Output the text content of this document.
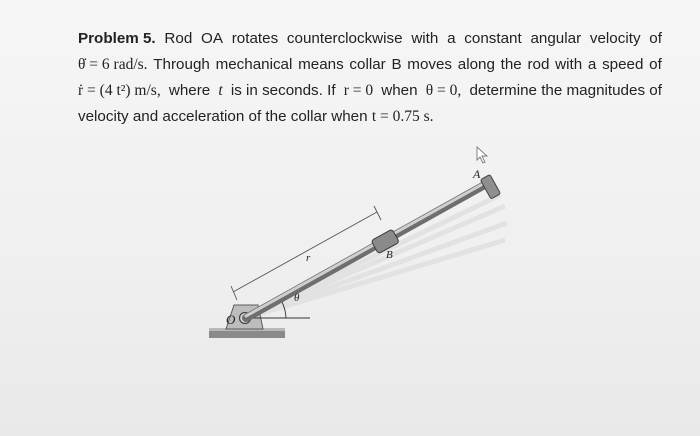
Problem 5. Rod OA rotates counterclockwise with a constant angular velocity of
θ̇ = 6 rad/s. Through mechanical means collar B moves along the rod with a speed of
ṙ = (4 t²) m/s, where t is in seconds. If r = 0 when θ = 0, determine the magnitudes of
velocity and acceleration of the collar when
t = 0.75 s.
O
A
B
r
θ
